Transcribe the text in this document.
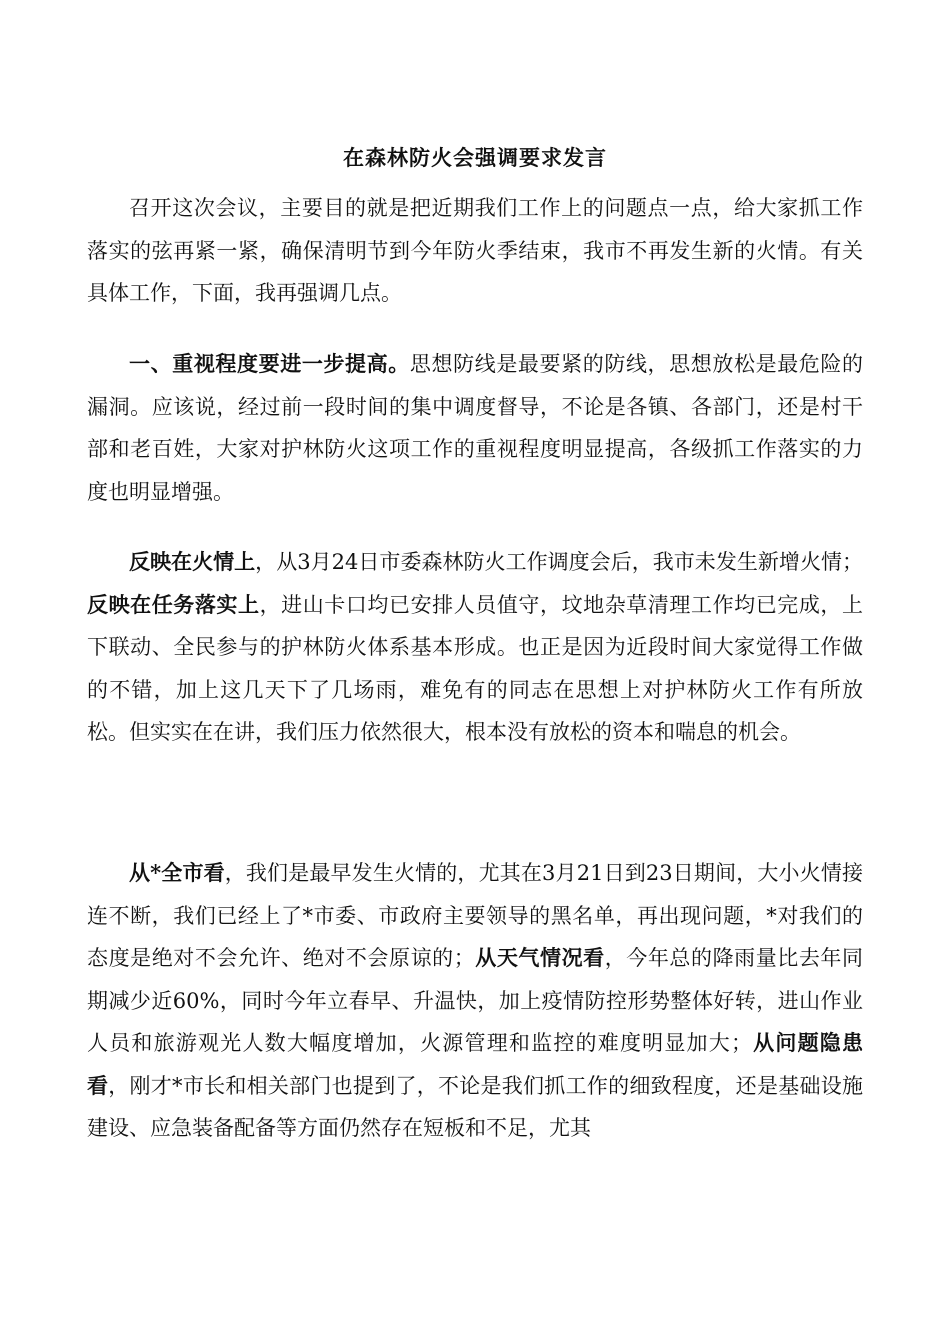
在森林防火会强调要求发言

召开这次会议，主要目的就是把近期我们工作上的问题点一点，给大家抓工作落实的弦再紧一紧，确保清明节到今年防火季结束，我市不再发生新的火情。有关具体工作，下面，我再强调几点。

一、重视程度要进一步提高。思想防线是最要紧的防线，思想放松是最危险的漏洞。应该说，经过前一段时间的集中调度督导，不论是各镇、各部门，还是村干部和老百姓，大家对护林防火这项工作的重视程度明显提高，各级抓工作落实的力度也明显增强。

反映在火情上，从3月24日市委森林防火工作调度会后，我市未发生新增火情；反映在任务落实上，进山卡口均已安排人员值守，坟地杂草清理工作均已完成，上下联动、全民参与的护林防火体系基本形成。也正是因为近段时间大家觉得工作做的不错，加上这几天下了几场雨，难免有的同志在思想上对护林防火工作有所放松。但实实在在讲，我们压力依然很大，根本没有放松的资本和喘息的机会。

从*全市看，我们是最早发生火情的，尤其在3月21日到23日期间，大小火情接连不断，我们已经上了*市委、市政府主要领导的黑名单，再出现问题，*对我们的态度是绝对不会允许、绝对不会原谅的；从天气情况看，今年总的降雨量比去年同期减少近60%，同时今年立春早、升温快，加上疫情防控形势整体好转，进山作业人员和旅游观光人数大幅度增加，火源管理和监控的难度明显加大；从问题隐患看，刚才*市长和相关部门也提到了，不论是我们抓工作的细致程度，还是基础设施建设、应急装备配备等方面仍然存在短板和不足，尤其
